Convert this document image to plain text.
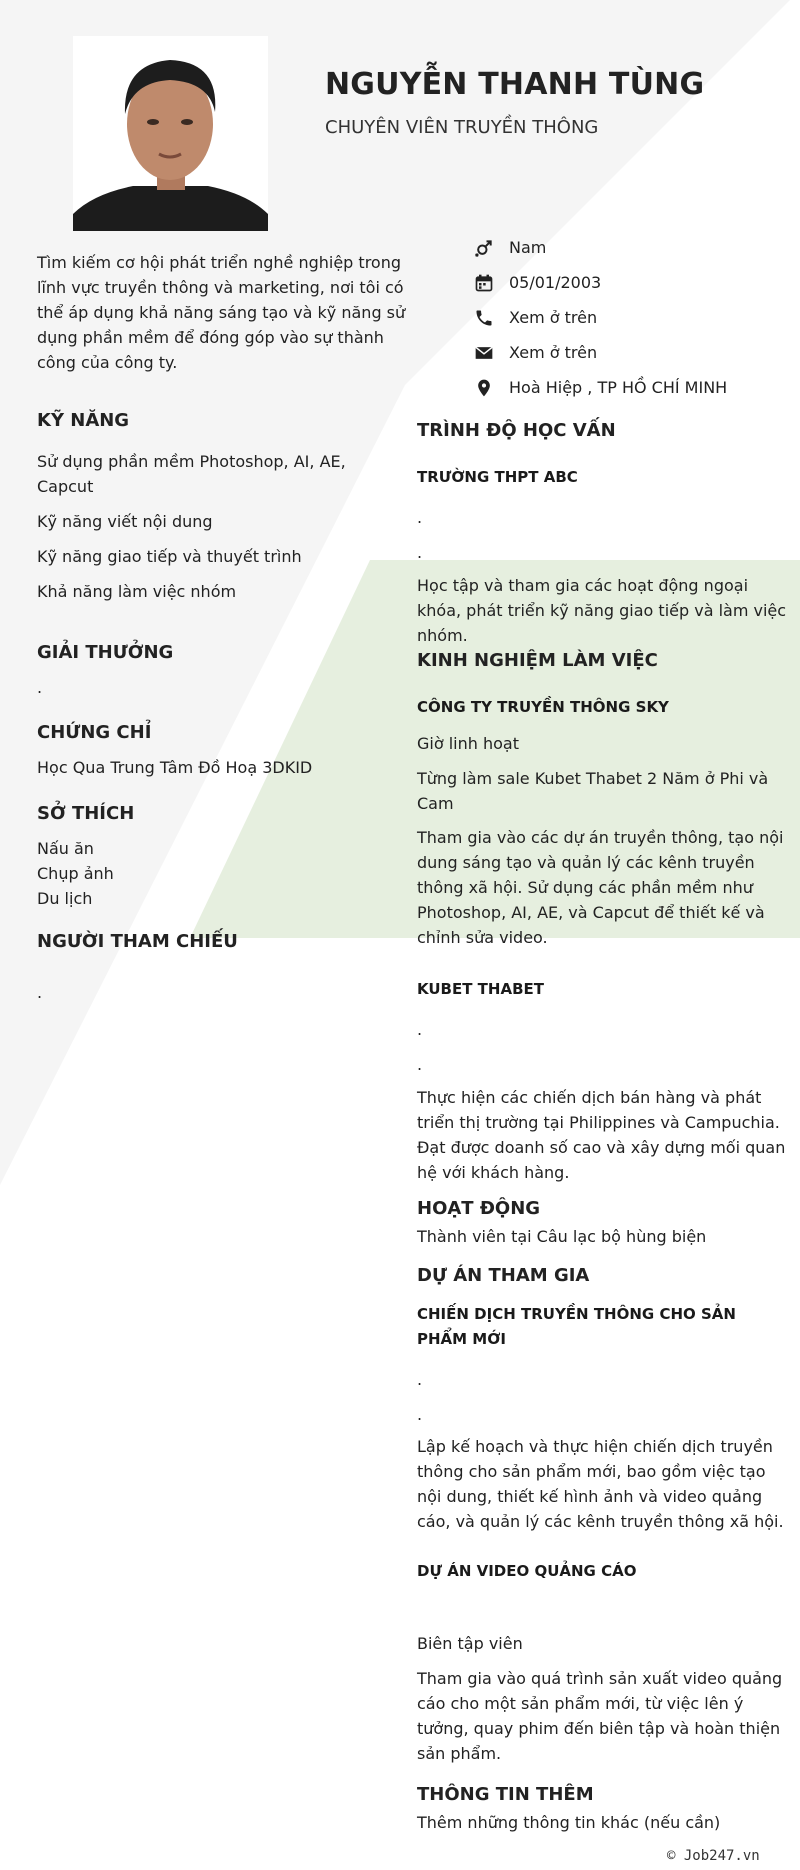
NGUYỄN THANH TÙNG
CHUYÊN VIÊN TRUYỀN THÔNG
Tìm kiếm cơ hội phát triển nghề nghiệp trong lĩnh vực truyền thông và marketing, nơi tôi có thể áp dụng khả năng sáng tạo và kỹ năng sử dụng phần mềm để đóng góp vào sự thành công của công ty.
Nam
05/01/2003
Xem ở trên
Xem ở trên
Hoà Hiệp , TP HỒ CHÍ MINH
KỸ NĂNG
Sử dụng phần mềm Photoshop, AI, AE, Capcut
Kỹ năng viết nội dung
Kỹ năng giao tiếp và thuyết trình
Khả năng làm việc nhóm
GIẢI THƯỞNG
.
CHỨNG CHỈ
Học Qua Trung Tâm Đồ Hoạ 3DKID
SỞ THÍCH
Nấu ăn
Chụp ảnh
Du lịch
NGƯỜI THAM CHIẾU
.
TRÌNH ĐỘ HỌC VẤN
TRƯỜNG THPT ABC
.
.
Học tập và tham gia các hoạt động ngoại khóa, phát triển kỹ năng giao tiếp và làm việc nhóm.
KINH NGHIỆM LÀM VIỆC
CÔNG TY TRUYỀN THÔNG SKY
Giờ linh hoạt
Từng làm sale Kubet Thabet 2 Năm ở Phi và Cam
Tham gia vào các dự án truyền thông, tạo nội dung sáng tạo và quản lý các kênh truyền thông xã hội. Sử dụng các phần mềm như Photoshop, AI, AE, và Capcut để thiết kế và chỉnh sửa video.
KUBET THABET
.
.
Thực hiện các chiến dịch bán hàng và phát triển thị trường tại Philippines và Campuchia. Đạt được doanh số cao và xây dựng mối quan hệ với khách hàng.
HOẠT ĐỘNG
Thành viên tại Câu lạc bộ hùng biện
DỰ ÁN THAM GIA
CHIẾN DỊCH TRUYỀN THÔNG CHO SẢN PHẨM MỚI
.
.
Lập kế hoạch và thực hiện chiến dịch truyền thông cho sản phẩm mới, bao gồm việc tạo nội dung, thiết kế hình ảnh và video quảng cáo, và quản lý các kênh truyền thông xã hội.
DỰ ÁN VIDEO QUẢNG CÁO
Biên tập viên
Tham gia vào quá trình sản xuất video quảng cáo cho một sản phẩm mới, từ việc lên ý tưởng, quay phim đến biên tập và hoàn thiện sản phẩm.
THÔNG TIN THÊM
Thêm những thông tin khác (nếu cần)
© Job247.vn
